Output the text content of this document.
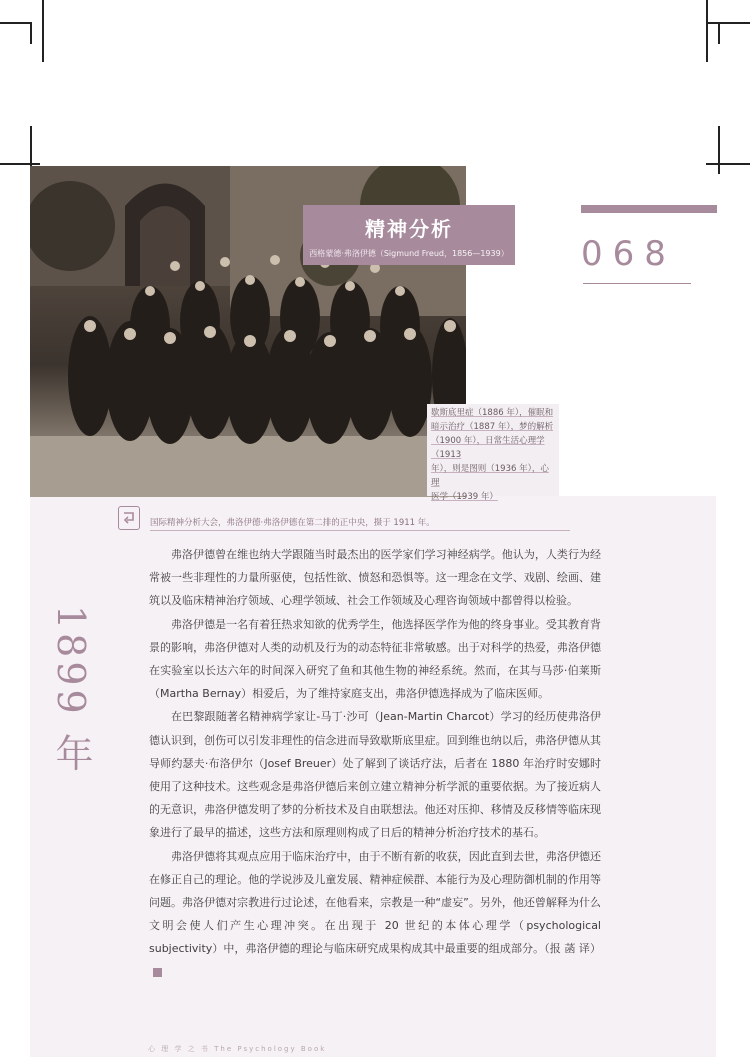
精神分析
西格蒙德·弗洛伊德（Sigmund Freud，1856—1939） 068
歇斯底里症（1886 年），催眠和
暗示治疗（1887 年），梦的解析
（1900 年），日常生活心理学（1913
年），则是图则（1936 年），心理
医学（1939 年）
国际精神分析大会，弗洛伊德·弗洛伊德在第二排的正中央，摄于 1911 年。
1899 年

弗洛伊德曾在维也纳大学跟随当时最杰出的医学家们学习神经病学。他认为，人类行为经常被一些非理性的力量所驱使，包括性欲、愤怒和恐惧等。这一理念在文学、戏剧、绘画、建筑以及临床精神治疗领域、心理学领域、社会工作领域及心理咨询领域中都曾得以检验。

弗洛伊德是一名有着狂热求知欲的优秀学生，他选择医学作为他的终身事业。受其教育背景的影响，弗洛伊德对人类的动机及行为的动态特征非常敏感。出于对科学的热爱，弗洛伊德在实验室以长达六年的时间深入研究了鱼和其他生物的神经系统。然而，在其与马莎·伯莱斯（Martha Bernay）相爱后，为了维持家庭支出，弗洛伊德选择成为了临床医师。

在巴黎跟随著名精神病学家让-马丁·沙可（Jean-Martin Charcot）学习的经历使弗洛伊德认识到，创伤可以引发非理性的信念进而导致歇斯底里症。回到维也纳以后，弗洛伊德从其导师约瑟夫·布洛伊尔（Josef Breuer）处了解到了谈话疗法，后者在 1880 年治疗时安娜时使用了这种技术。这些观念是弗洛伊德后来创立建立精神分析学派的重要依据。为了接近病人的无意识，弗洛伊德发明了梦的分析技术及自由联想法。他还对压抑、移情及反移情等临床现象进行了最早的描述，这些方法和原理则构成了日后的精神分析治疗技术的基石。

弗洛伊德将其观点应用于临床治疗中，由于不断有新的收获，因此直到去世，弗洛伊德还在修正自己的理论。他的学说涉及儿童发展、精神症候群、本能行为及心理防御机制的作用等问题。弗洛伊德对宗教进行过论述，在他看来，宗教是一种“虚妄”。另外，他还曾解释为什么文明会使人们产生心理冲突。在出现于 20 世纪的本体心理学（psychological subjectivity）中，弗洛伊德的理论与临床研究成果构成其中最重要的组成部分。（报 菡 译）

心 理 学 之 书 The Psychology Book
